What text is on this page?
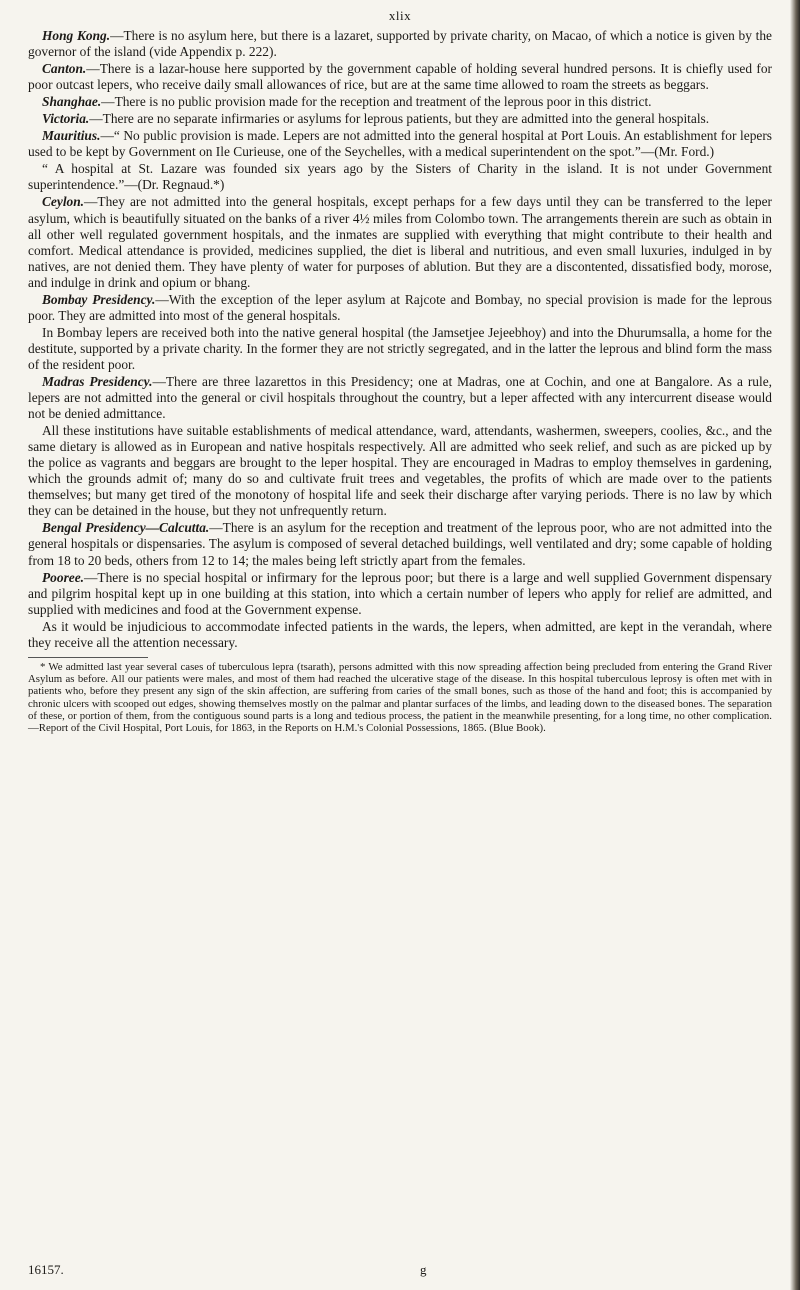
xlix

Hong Kong.—There is no asylum here, but there is a lazaret, supported by private charity, on Macao, of which a notice is given by the governor of the island (vide Appendix p. 222).

Canton.—There is a lazar-house here supported by the government capable of holding several hundred persons. It is chiefly used for poor outcast lepers, who receive daily small allowances of rice, but are at the same time allowed to roam the streets as beggars.

Shanghae.—There is no public provision made for the reception and treatment of the leprous poor in this district.

Victoria.—There are no separate infirmaries or asylums for leprous patients, but they are admitted into the general hospitals.

Mauritius.—“ No public provision is made. Lepers are not admitted into the general hospital at Port Louis. An establishment for lepers used to be kept by Government on Ile Curieuse, one of the Seychelles, with a medical superintendent on the spot.”—(Mr. Ford.)

“ A hospital at St. Lazare was founded six years ago by the Sisters of Charity in the island. It is not under Government superintendence.”—(Dr. Regnaud.*)

Ceylon.—They are not admitted into the general hospitals, except perhaps for a few days until they can be transferred to the leper asylum, which is beautifully situated on the banks of a river 4½ miles from Colombo town. The arrangements therein are such as obtain in all other well regulated government hospitals, and the inmates are supplied with everything that might contribute to their health and comfort. Medical attendance is provided, medicines supplied, the diet is liberal and nutritious, and even small luxuries, indulged in by natives, are not denied them. They have plenty of water for purposes of ablution. But they are a discontented, dissatisfied body, morose, and indulge in drink and opium or bhang.

Bombay Presidency.—With the exception of the leper asylum at Rajcote and Bombay, no special provision is made for the leprous poor. They are admitted into most of the general hospitals.

In Bombay lepers are received both into the native general hospital (the Jamsetjee Jejeebhoy) and into the Dhurumsalla, a home for the destitute, supported by a private charity. In the former they are not strictly segregated, and in the latter the leprous and blind form the mass of the resident poor.

Madras Presidency.—There are three lazarettos in this Presidency; one at Madras, one at Cochin, and one at Bangalore. As a rule, lepers are not admitted into the general or civil hospitals throughout the country, but a leper affected with any intercurrent disease would not be denied admittance.

All these institutions have suitable establishments of medical attendance, ward, attendants, washermen, sweepers, coolies, &c., and the same dietary is allowed as in European and native hospitals respectively. All are admitted who seek relief, and such as are picked up by the police as vagrants and beggars are brought to the leper hospital. They are encouraged in Madras to employ themselves in gardening, which the grounds admit of; many do so and cultivate fruit trees and vegetables, the profits of which are made over to the patients themselves; but many get tired of the monotony of hospital life and seek their discharge after varying periods. There is no law by which they can be detained in the house, but they not unfrequently return.

Bengal Presidency—Calcutta.—There is an asylum for the reception and treatment of the leprous poor, who are not admitted into the general hospitals or dispensaries. The asylum is composed of several detached buildings, well ventilated and dry; some capable of holding from 18 to 20 beds, others from 12 to 14; the males being left strictly apart from the females.

Pooree.—There is no special hospital or infirmary for the leprous poor; but there is a large and well supplied Government dispensary and pilgrim hospital kept up in one building at this station, into which a certain number of lepers who apply for relief are admitted, and supplied with medicines and food at the Government expense.

As it would be injudicious to accommodate infected patients in the wards, the lepers, when admitted, are kept in the verandah, where they receive all the attention necessary.

* We admitted last year several cases of tuberculous lepra (tsarath), persons admitted with this now spreading affection being precluded from entering the Grand River Asylum as before. All our patients were males, and most of them had reached the ulcerative stage of the disease. In this hospital tuberculous leprosy is often met with in patients who, before they present any sign of the skin affection, are suffering from caries of the small bones, such as those of the hand and foot; this is accompanied by chronic ulcers with scooped out edges, showing themselves mostly on the palmar and plantar surfaces of the limbs, and leading down to the diseased bones. The separation of these, or portion of them, from the contiguous sound parts is a long and tedious process, the patient in the meanwhile presenting, for a long time, no other complication.—Report of the Civil Hospital, Port Louis, for 1863, in the Reports on H.M.'s Colonial Possessions, 1865. (Blue Book).

16157.	g
